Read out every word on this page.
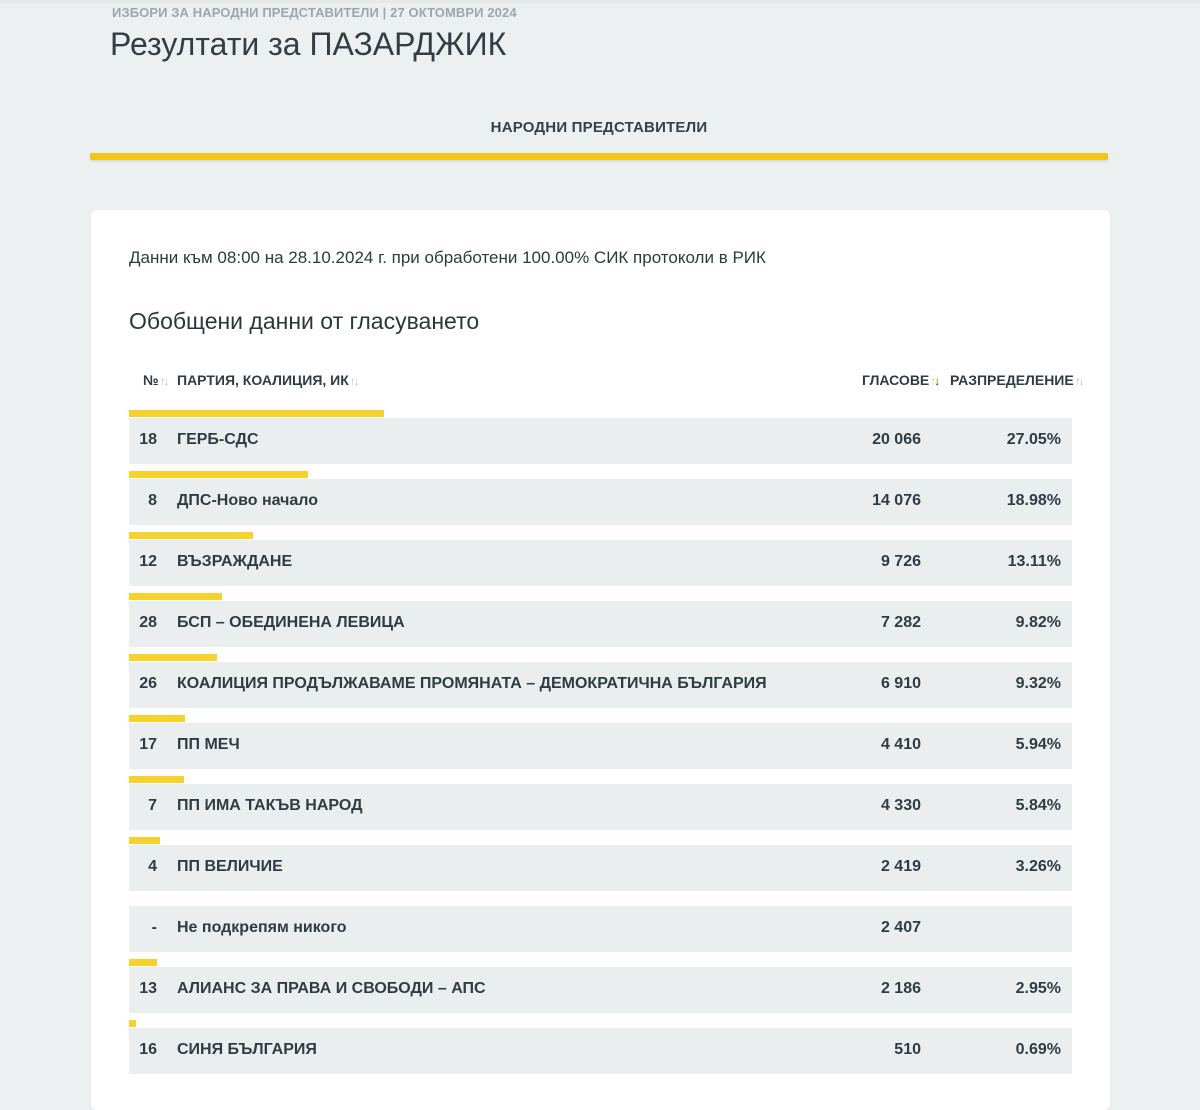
ИЗБОРИ ЗА НАРОДНИ ПРЕДСТАВИТЕЛИ | 27 ОКТОМВРИ 2024
Резултати за ПАЗАРДЖИК
НАРОДНИ ПРЕДСТАВИТЕЛИ
Данни към 08:00 на 28.10.2024 г. при обработени 100.00% СИК протоколи в РИК
Обобщени данни от гласуването
№↑↓ ПАРТИЯ, КОАЛИЦИЯ, ИК↑↓	ГЛАСОВЕ↑↓ РАЗПРЕДЕЛЕНИЕ↑↓
18 ГЕРБ-СДС	20 066	27.05%
8 ДПС-Ново начало	14 076	18.98%
12 ВЪЗРАЖДАНЕ	9 726	13.11%
28 БСП – ОБЕДИНЕНА ЛЕВИЦА	7 282	9.82%
26 КОАЛИЦИЯ ПРОДЪЛЖАВАМЕ ПРОМЯНАТА – ДЕМОКРАТИЧНА БЪЛГАРИЯ	6 910	9.32%
17 ПП МЕЧ	4 410	5.94%
7 ПП ИМА ТАКЪВ НАРОД	4 330	5.84%
4 ПП ВЕЛИЧИЕ	2 419	3.26%
- Не подкрепям никого	2 407
13 АЛИАНС ЗА ПРАВА И СВОБОДИ – АПС	2 186	2.95%
16 СИНЯ БЪЛГАРИЯ	510	0.69%
